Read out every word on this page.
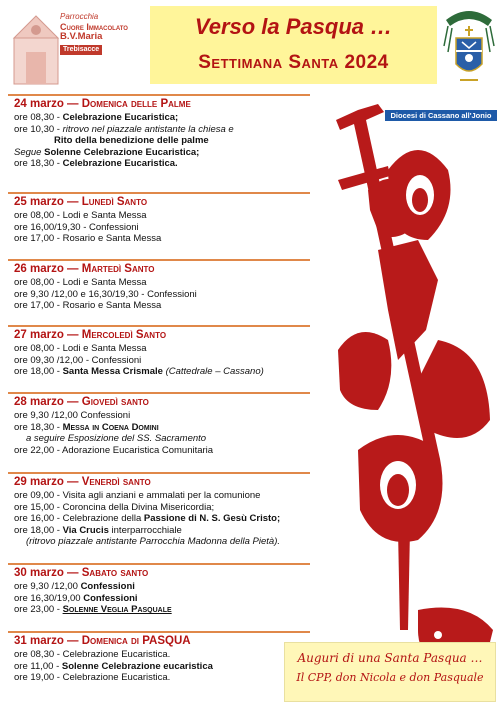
Parrocchia
Cuore Immacolato
B.V.Maria
Trebisacce
Verso la Pasqua …
Settimana Santa 2024
Diocesi di Cassano all'Jonio
24 marzo — Domenica delle Palme
ore 08,30 - Celebrazione Eucaristica;
ore 10,30 - ritrovo nel piazzale antistante la chiesa e
Rito della benedizione delle palme
Segue Solenne Celebrazione Eucaristica;
ore 18,30 - Celebrazione Eucaristica.
25 marzo — Lunedì Santo
ore 08,00 - Lodi e Santa Messa
ore 16,00/19,30 - Confessioni
ore 17,00 - Rosario e Santa Messa
26 marzo — Martedì Santo
ore 08,00 - Lodi e Santa Messa
ore 9,30 /12,00 e 16,30/19,30 - Confessioni
ore 17,00 - Rosario e Santa Messa
27 marzo — Mercoledì Santo
ore 08,00 - Lodi e Santa Messa
ore 09,30 /12,00 - Confessioni
ore 18,00 - Santa Messa Crismale (Cattedrale – Cassano)
28 marzo — Giovedì santo
ore 9,30 /12,00 Confessioni
ore 18,30 - Messa in Coena Domini
a seguire Esposizione del SS. Sacramento
ore 22,00 - Adorazione Eucaristica Comunitaria
29 marzo — Venerdì santo
ore 09,00 - Visita agli anziani e ammalati per la comunione
ore 15,00 - Coroncina della Divina Misericordia;
ore 16,00 - Celebrazione della Passione di N. S. Gesù Cristo;
ore 18,00 - Via Crucis interparrocchiale
(ritrovo piazzale antistante Parrocchia Madonna della Pietà).
30 marzo — Sabato santo
ore 9,30 /12,00 Confessioni
ore 16,30/19,00 Confessioni
ore 23,00 - Solenne Veglia Pasquale
31 marzo — Domenica di PASQUA
ore 08,30 - Celebrazione Eucaristica.
ore 11,00 - Solenne Celebrazione eucaristica
ore 19,00 - Celebrazione Eucaristica.
Auguri di una Santa Pasqua …
Il CPP, don Nicola e don Pasquale
